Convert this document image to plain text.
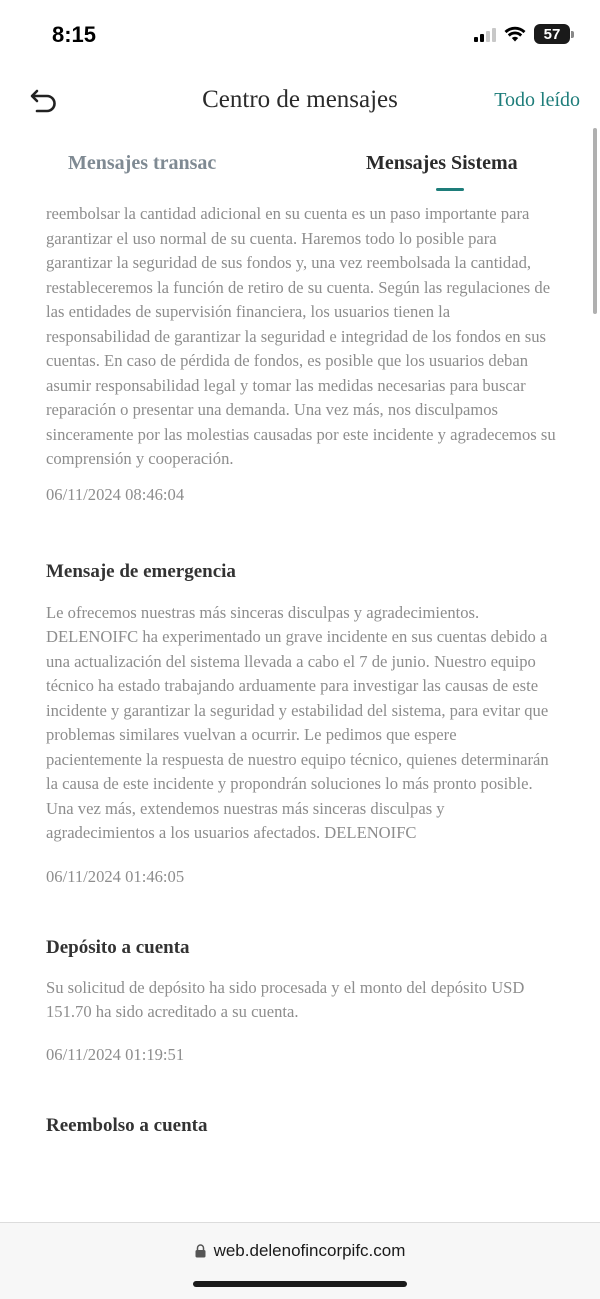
8:15	57
Centro de mensajes	Todo leído
Mensajes transac	Mensajes Sistema
reembolsar la cantidad adicional en su cuenta es un paso importante para garantizar el uso normal de su cuenta. Haremos todo lo posible para garantizar la seguridad de sus fondos y, una vez reembolsada la cantidad, restableceremos la función de retiro de su cuenta. Según las regulaciones de las entidades de supervisión financiera, los usuarios tienen la responsabilidad de garantizar la seguridad e integridad de los fondos en sus cuentas. En caso de pérdida de fondos, es posible que los usuarios deban asumir responsabilidad legal y tomar las medidas necesarias para buscar reparación o presentar una demanda. Una vez más, nos disculpamos sinceramente por las molestias causadas por este incidente y agradecemos su comprensión y cooperación.
06/11/2024 08:46:04
Mensaje de emergencia
Le ofrecemos nuestras más sinceras disculpas y agradecimientos. DELENOIFC ha experimentado un grave incidente en sus cuentas debido a una actualización del sistema llevada a cabo el 7 de junio. Nuestro equipo técnico ha estado trabajando arduamente para investigar las causas de este incidente y garantizar la seguridad y estabilidad del sistema, para evitar que problemas similares vuelvan a ocurrir. Le pedimos que espere pacientemente la respuesta de nuestro equipo técnico, quienes determinarán la causa de este incidente y propondrán soluciones lo más pronto posible. Una vez más, extendemos nuestras más sinceras disculpas y agradecimientos a los usuarios afectados. DELENOIFC
06/11/2024 01:46:05
Depósito a cuenta
Su solicitud de depósito ha sido procesada y el monto del depósito USD 151.70 ha sido acreditado a su cuenta.
06/11/2024 01:19:51
Reembolso a cuenta
web.delenofincorpifc.com
